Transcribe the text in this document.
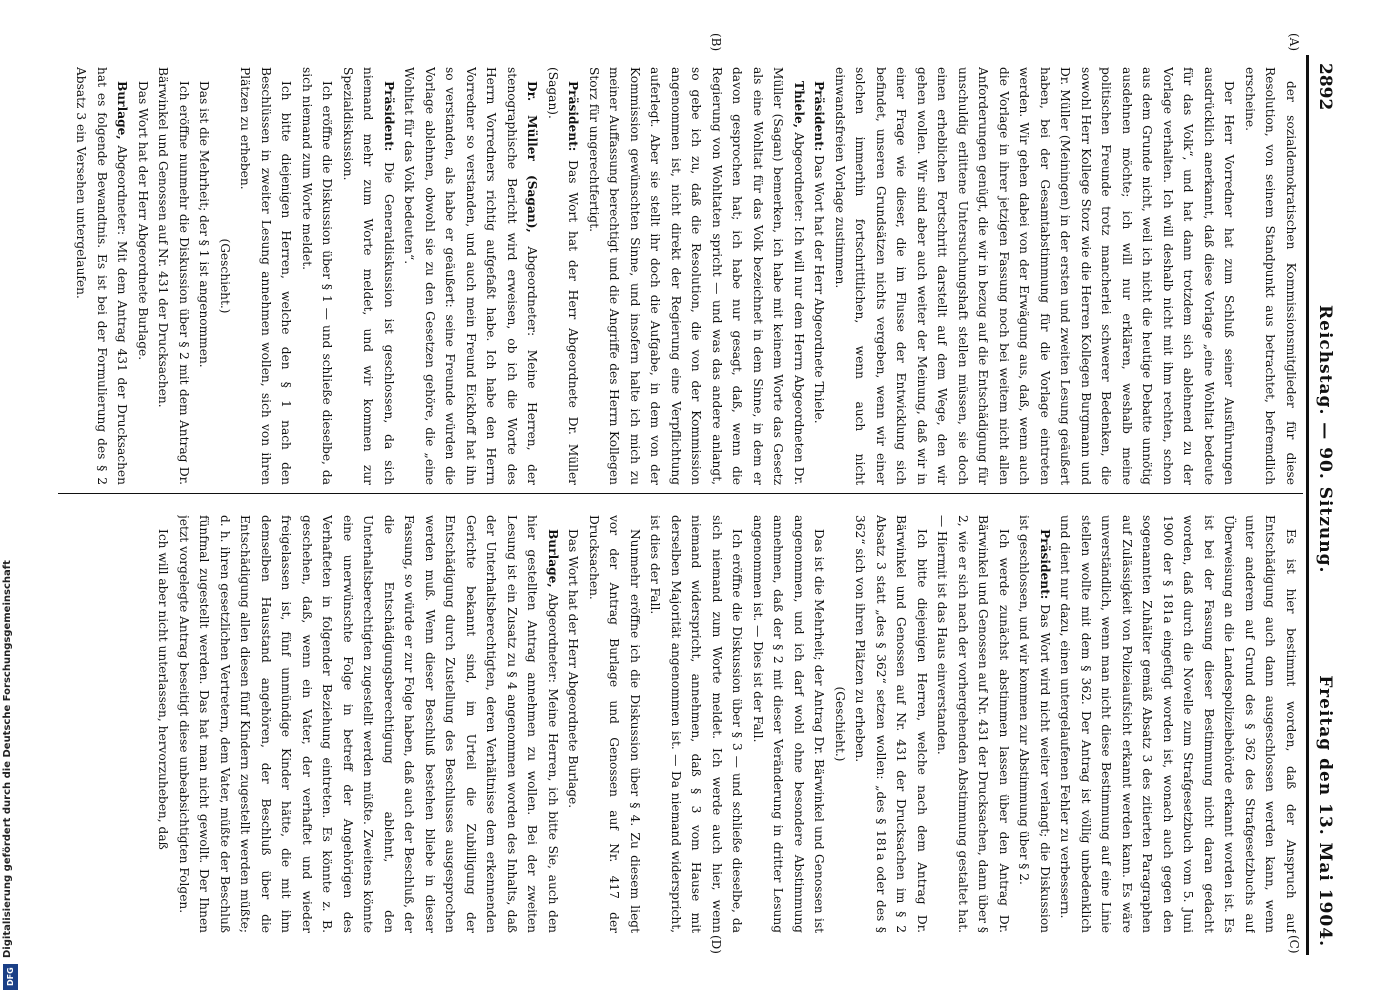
2892
Reichstag. — 90. Sitzung.
Freitag den 13. Mai 1904.
(A)
(B)
(C)
(D)

der sozialdemokratischen Kommissionsmitglieder für diese Resolution, von seinem Standpunkt aus betrachtet, befremdlich erscheine.

Der Herr Vorredner hat zum Schluß seiner Ausführungen ausdrücklich anerkannt, daß diese Vorlage „eine Wohltat bedeute für das Volk“, und hat dann trotzdem sich ablehnend zu der Vorlage verhalten. Ich will deshalb nicht mit ihm rechten, schon aus dem Grunde nicht, weil ich nicht die heutige Debatte unnötig ausdehnen möchte; ich will nur erklären, weshalb meine politischen Freunde trotz mancherlei schwerer Bedenken, die sowohl Herr Kollege Storz wie die Herren Kollegen Burgmann und Dr. Müller (Meiningen) in der ersten und zweiten Lesung geäußert haben, bei der Gesamtabstimmung für die Vorlage eintreten werden. Wir gehen dabei von der Erwägung aus, daß, wenn auch die Vorlage in ihrer jetzigen Fassung noch bei weitem nicht allen Anforderungen genügt, die wir in bezug auf die Entschädigung für unschuldig erlittene Untersuchungshaft stellen müssen, sie doch einen erheblichen Fortschritt darstellt auf dem Wege, den wir gehen wollen. Wir sind aber auch weiter der Meinung, daß wir in einer Frage wie dieser, die im Flusse der Entwicklung sich befindet, unseren Grundsätzen nichts vergeben, wenn wir einer solchen immerhin fortschrittlichen, wenn auch nicht einwandsfreien Vorlage zustimmen.

Präsident: Das Wort hat der Herr Abgeordnete Thiele.

Thiele, Abgeordneter: Ich will nur dem Herrn Abgeordneten Dr. Müller (Sagan) bemerken, ich habe mit keinem Worte das Gesetz als eine Wohltat für das Volk bezeichnet in dem Sinne, in dem er davon gesprochen hat; ich habe nur gesagt, daß, wenn die Regierung von Wohltaten spricht — und was das andere anlangt, so gebe ich zu, daß die Resolution, die von der Kommission angenommen ist, nicht direkt der Regierung eine Verpflichtung auferlegt. Aber sie stellt ihr doch die Aufgabe, in dem von der Kommission gewünschten Sinne, und insofern halte ich mich zu meiner Auffassung berechtigt und die Angriffe des Herrn Kollegen Storz für ungerechtfertigt.

Präsident: Das Wort hat der Herr Abgeordnete Dr. Müller (Sagan).

Dr. Müller (Sagan), Abgeordneter: Meine Herren, der stenographische Bericht wird erweisen, ob ich die Worte des Herrn Vorredners richtig aufgefaßt habe. Ich habe den Herrn Vorredner so verstanden, und auch mein Freund Eickhoff hat ihn so verstanden, als habe er geäußert: seine Freunde würden die Vorlage ablehnen, obwohl sie zu den Gesetzen gehöre, die „eine Wohltat für das Volk bedeuten“.

Präsident: Die Generaldiskussion ist geschlossen, da sich niemand mehr zum Worte meldet, und wir kommen zur Spezialdiskussion.

Ich eröffne die Diskussion über § 1 — und schließe dieselbe, da sich niemand zum Worte meldet.

Ich bitte diejenigen Herren, welche den § 1 nach den Beschlüssen in zweiter Lesung annehmen wollen, sich von ihren Plätzen zu erheben.

(Geschieht.)

Das ist die Mehrheit; der § 1 ist angenommen.

Ich eröffne nunmehr die Diskussion über § 2 mit dem Antrag Dr. Bärwinkel und Genossen auf Nr. 431 der Drucksachen.

Das Wort hat der Herr Abgeordnete Burlage.

Burlage, Abgeordneter: Mit dem Antrag 431 der Drucksachen hat es folgende Bewandtnis. Es ist bei der Formulierung des § 2 Absatz 3 ein Versehen untergelaufen.

Es ist hier bestimmt worden, daß der Anspruch auf Entschädigung auch dann ausgeschlossen werden kann, wenn unter anderem auf Grund des § 362 des Strafgesetzbuchs auf Überweisung an die Landespolizeibehörde erkannt worden ist. Es ist bei der Fassung dieser Bestimmung nicht daran gedacht worden, daß durch die Novelle zum Strafgesetzbuch vom 5. Juni 1900 der § 181a eingefügt worden ist, wonach auch gegen den sogenannten Zuhälter gemäß Absatz 3 des zitierten Paragraphen auf Zulässigkeit von Polizeiaufsicht erkannt werden kann. Es wäre unverständlich, wenn man nicht diese Bestimmung auf eine Linie stellen wollte mit dem § 362. Der Antrag ist völlig unbedenklich und dient nur dazu, einen untergelaufenen Fehler zu verbessern.

Präsident: Das Wort wird nicht weiter verlangt; die Diskussion ist geschlossen, und wir kommen zur Abstimmung über § 2.

Ich werde zunächst abstimmen lassen über den Antrag Dr. Bärwinkel und Genossen auf Nr. 431 der Drucksachen, dann über § 2, wie er sich nach der vorhergehenden Abstimmung gestaltet hat. — Hiermit ist das Haus einverstanden.

Ich bitte diejenigen Herren, welche nach dem Antrag Dr. Bärwinkel und Genossen auf Nr. 431 der Drucksachen im § 2 Absatz 3 statt „des § 362“ setzen wollen: „des § 181a oder des § 362“ sich von ihren Plätzen zu erheben.

(Geschieht.)

Das ist die Mehrheit; der Antrag Dr. Bärwinkel und Genossen ist angenommen, und ich darf wohl ohne besondere Abstimmung annehmen, daß der § 2 mit dieser Veränderung in dritter Lesung angenommen ist. — Dies ist der Fall.

Ich eröffne die Diskussion über § 3 — und schließe dieselbe, da sich niemand zum Worte meldet. Ich werde auch hier, wenn niemand widerspricht, annehmen, daß § 3 vom Hause mit derselben Majorität angenommen ist. — Da niemand widerspricht, ist dies der Fall.

Nunmehr eröffne ich die Diskussion über § 4. Zu diesem liegt vor der Antrag Burlage und Genossen auf Nr. 417 der Drucksachen.

Das Wort hat der Herr Abgeordnete Burlage.

Burlage, Abgeordneter: Meine Herren, ich bitte Sie, auch den hier gestellten Antrag annehmen zu wollen. Bei der zweiten Lesung ist ein Zusatz zu § 4 angenommen worden des Inhalts, daß der Unterhaltsberechtigten, deren Verhältnisse dem erkennenden Gerichte bekannt sind, im Urteil die Zubilligung der Entschädigung durch Zustellung des Beschlusses ausgesprochen werden muß. Wenn dieser Beschluß bestehen bliebe in dieser Fassung, so würde er zur Folge haben, daß auch der Beschluß, der die Entschädigungsberechtigung ablehnt, den Unterhaltsberechtigten zugestellt werden müßte. Zweitens könnte eine unerwünschte Folge in betreff der Angehörigen des Verhafteten in folgender Beziehung eintreten. Es könnte z. B. geschehen, daß, wenn ein Vater, der verhaftet und wieder freigelassen ist, fünf unmündige Kinder hätte, die mit ihm demselben Hausstand angehören, der Beschluß über die Entschädigung allen diesen fünf Kindern zugestellt werden müßte; d. h. ihren gesetzlichen Vertretern, dem Vater, müßte der Beschluß fünfmal zugestellt werden. Das hat man nicht gewollt. Der Ihnen jetzt vorgelegte Antrag beseitigt diese unbeabsichtigten Folgen.

Ich will aber nicht unterlassen, hervorzuheben, daß

Digitalisierung gefördert durch die Deutsche Forschungsgemeinschaft
DFG
